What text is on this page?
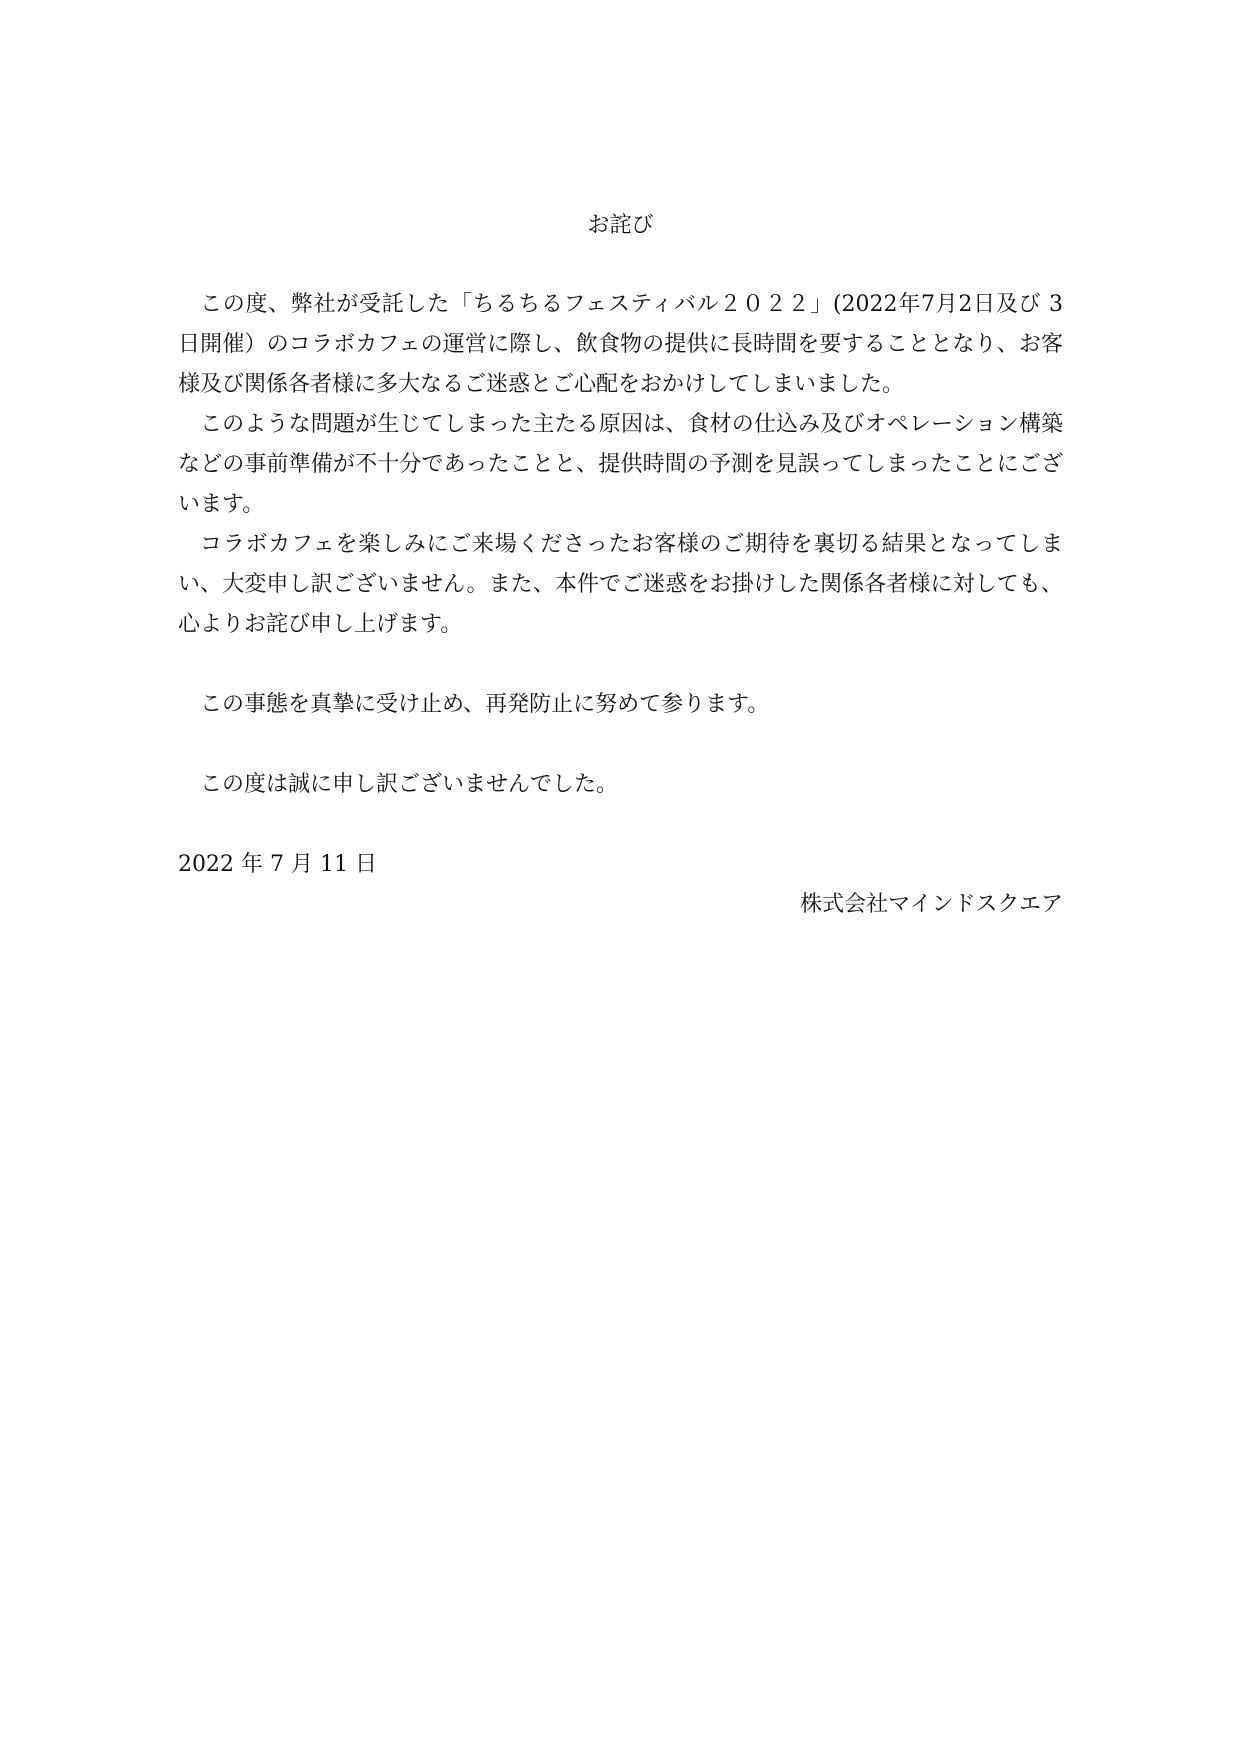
お詫び

この度、弊社が受託した「ちるちるフェスティバル２０２２」(2022年7月2日及び 3 日開催）のコラボカフェの運営に際し、飲食物の提供に長時間を要することとなり、お客様及び関係各者様に多大なるご迷惑とご心配をおかけしてしまいました。

このような問題が生じてしまった主たる原因は、食材の仕込み及びオペレーション構築などの事前準備が不十分であったことと、提供時間の予測を見誤ってしまったことにございます。

コラボカフェを楽しみにご来場くださったお客様のご期待を裏切る結果となってしまい、大変申し訳ございません。また、本件でご迷惑をお掛けした関係各者様に対しても、心よりお詫び申し上げます。

この事態を真摯に受け止め、再発防止に努めて参ります。

この度は誠に申し訳ございませんでした。

2022 年 7 月 11 日

株式会社マインドスクエア
